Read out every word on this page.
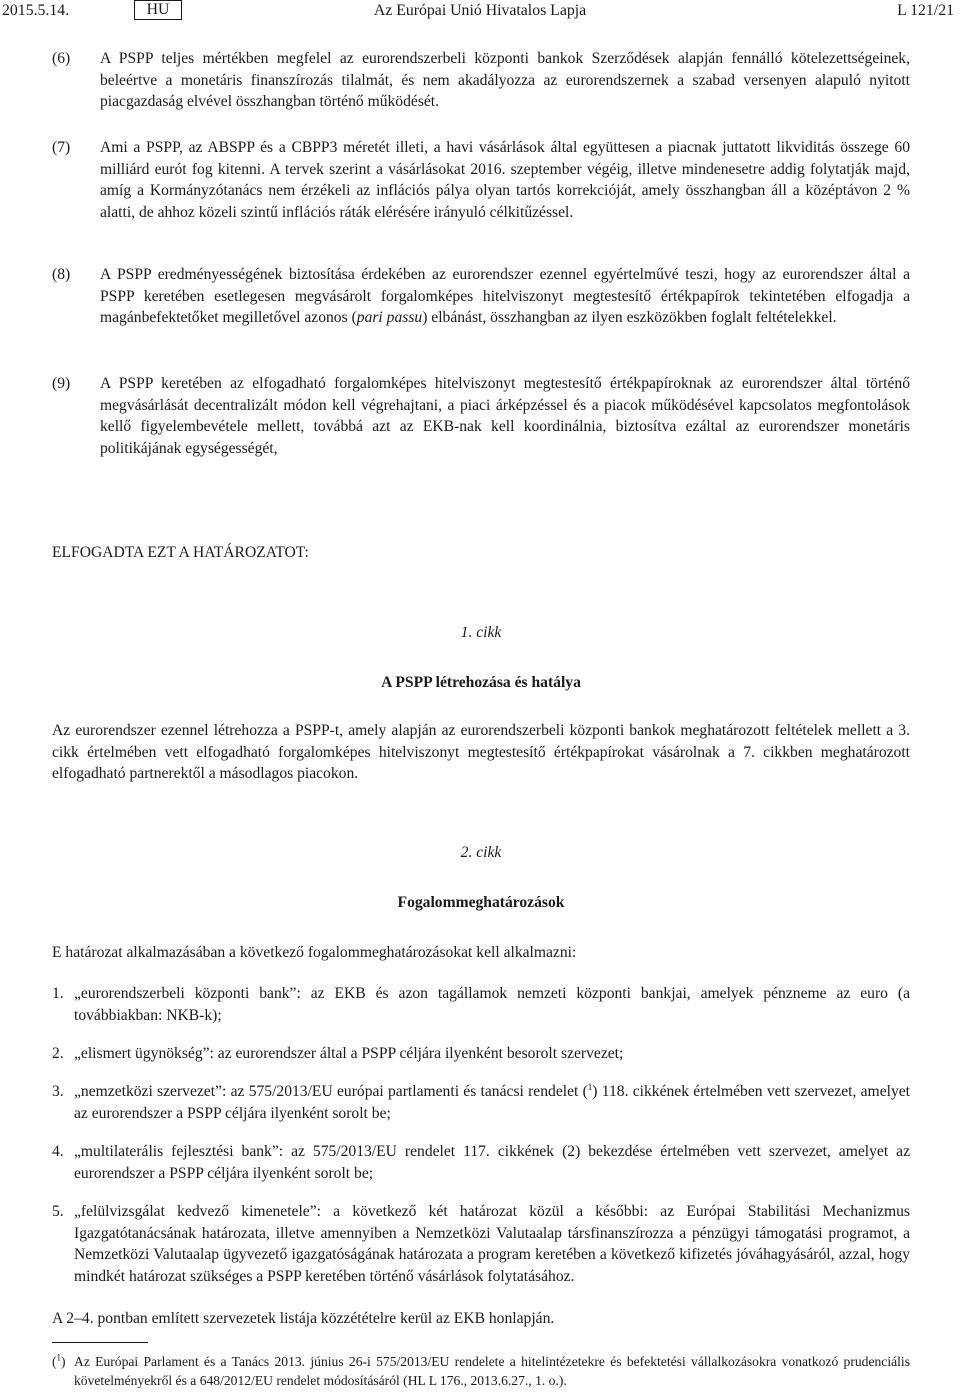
2015.5.14.	HU	Az Európai Unió Hivatalos Lapja	L 121/21
(6) A PSPP teljes mértékben megfelel az eurorendszerbeli központi bankok Szerződések alapján fennálló kötelezettségeinek, beleértve a monetáris finanszírozás tilalmát, és nem akadályozza az eurorendszernek a szabad versenyen alapuló nyitott piacgazdaság elvével összhangban történő működését.
(7) Ami a PSPP, az ABSPP és a CBPP3 méretét illeti, a havi vásárlások által együttesen a piacnak juttatott likviditás összege 60 milliárd eurót fog kitenni. A tervek szerint a vásárlásokat 2016. szeptember végéig, illetve mindenesetre addig folytatják majd, amíg a Kormányzótanács nem érzékeli az inflációs pálya olyan tartós korrekcióját, amely összhangban áll a középtávon 2 % alatti, de ahhoz közeli szintű inflációs ráták elérésére irányuló célkitűzéssel.
(8) A PSPP eredményességének biztosítása érdekében az eurorendszer ezennel egyértelművé teszi, hogy az eurorendszer által a PSPP keretében esetlegesen megvásárolt forgalomképes hitelviszonyt megtestesítő értékpapírok tekintetében elfogadja a magánbefektetőket megilletővel azonos (pari passu) elbánást, összhangban az ilyen eszközökben foglalt feltételekkel.
(9) A PSPP keretében az elfogadható forgalomképes hitelviszonyt megtestesítő értékpapíroknak az eurorendszer által történő megvásárlását decentralizált módon kell végrehajtani, a piaci árképzéssel és a piacok működésével kapcsolatos megfontolások kellő figyelembevétele mellett, továbbá azt az EKB-nak kell koordinálnia, biztosítva ezáltal az eurorendszer monetáris politikájának egységességét,
ELFOGADTA EZT A HATÁROZATOT:
1. cikk
A PSPP létrehozása és hatálya
Az eurorendszer ezennel létrehozza a PSPP-t, amely alapján az eurorendszerbeli központi bankok meghatározott feltételek mellett a 3. cikk értelmében vett elfogadható forgalomképes hitelviszonyt megtestesítő értékpapírokat vásárolnak a 7. cikkben meghatározott elfogadható partnerektől a másodlagos piacokon.
2. cikk
Fogalommeghatározások
E határozat alkalmazásában a következő fogalommeghatározásokat kell alkalmazni:
1. „eurorendszerbeli központi bank”: az EKB és azon tagállamok nemzeti központi bankjai, amelyek pénzneme az euro (a továbbiakban: NKB-k);
2. „elismert ügynökség”: az eurorendszer által a PSPP céljára ilyenként besorolt szervezet;
3. „nemzetközi szervezet”: az 575/2013/EU európai partlamenti és tanácsi rendelet ($^1$) 118. cikkének értelmében vett szervezet, amelyet az eurorendszer a PSPP céljára ilyenként sorolt be;
4. „multilaterális fejlesztési bank”: az 575/2013/EU rendelet 117. cikkének (2) bekezdése értelmében vett szervezet, amelyet az eurorendszer a PSPP céljára ilyenként sorolt be;
5. „felülvizsgálat kedvező kimenetele”: a következő két határozat közül a későbbi: az Európai Stabilitási Mechanizmus Igazgatótanácsának határozata, illetve amennyiben a Nemzetközi Valutaalap társfinanszírozza a pénzügyi támogatási programot, a Nemzetközi Valutaalap ügyvezető igazgatóságának határozata a program keretében a következő kifizetés jóváhagyásáról, azzal, hogy mindkét határozat szükséges a PSPP keretében történő vásárlások folytatásához.
A 2–4. pontban említett szervezetek listája közzétételre kerül az EKB honlapján.
($^1$) Az Európai Parlament és a Tanács 2013. június 26-i 575/2013/EU rendelete a hitelintézetekre és befektetési vállalkozásokra vonatkozó prudenciális követelményekről és a 648/2012/EU rendelet módosításáról (HL L 176., 2013.6.27., 1. o.).
